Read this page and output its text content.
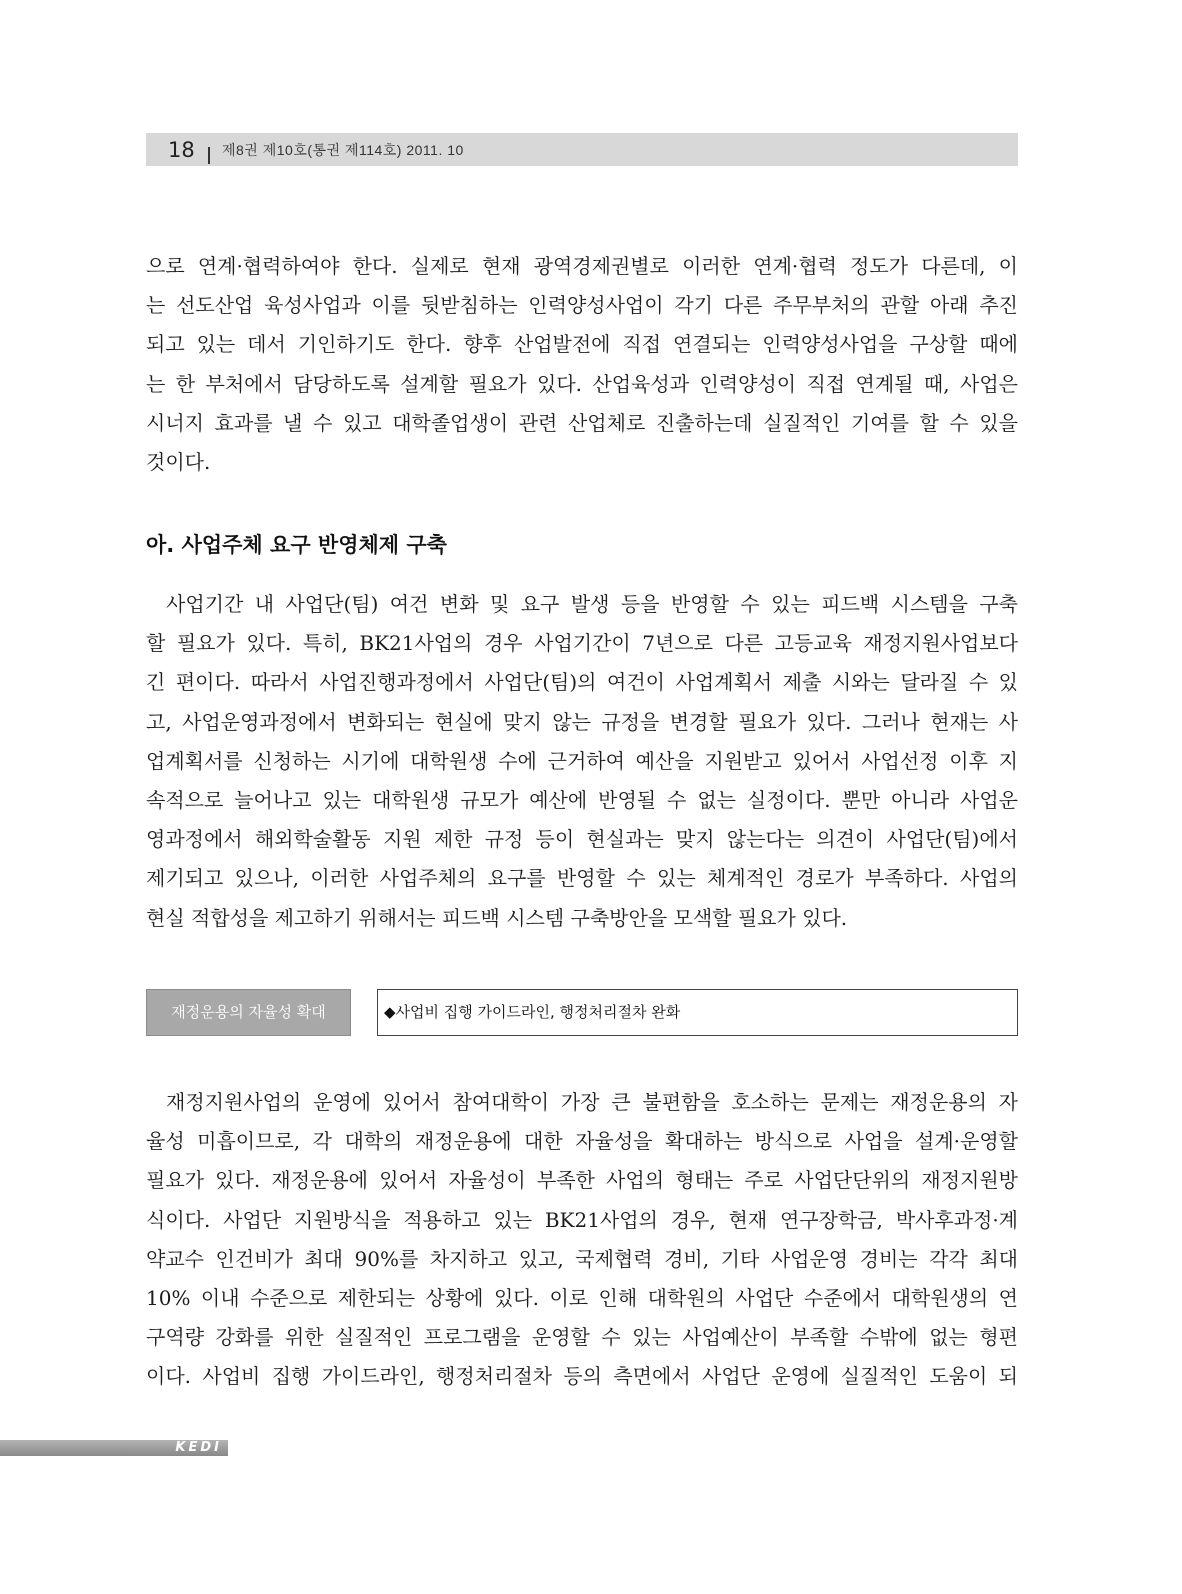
18 제8권 제10호(통권 제114호) 2011. 10
으로 연계·협력하여야 한다. 실제로 현재 광역경제권별로 이러한 연계·협력 정도가 다른데, 이
는 선도산업 육성사업과 이를 뒷받침하는 인력양성사업이 각기 다른 주무부처의 관할 아래 추진
되고 있는 데서 기인하기도 한다. 향후 산업발전에 직접 연결되는 인력양성사업을 구상할 때에
는 한 부처에서 담당하도록 설계할 필요가 있다. 산업육성과 인력양성이 직접 연계될 때, 사업은
시너지 효과를 낼 수 있고 대학졸업생이 관련 산업체로 진출하는데 실질적인 기여를 할 수 있을
것이다.
아. 사업주체 요구 반영체제 구축
사업기간 내 사업단(팀) 여건 변화 및 요구 발생 등을 반영할 수 있는 피드백 시스템을 구축
할 필요가 있다. 특히, BK21사업의 경우 사업기간이 7년으로 다른 고등교육 재정지원사업보다
긴 편이다. 따라서 사업진행과정에서 사업단(팀)의 여건이 사업계획서 제출 시와는 달라질 수 있
고, 사업운영과정에서 변화되는 현실에 맞지 않는 규정을 변경할 필요가 있다. 그러나 현재는 사
업계획서를 신청하는 시기에 대학원생 수에 근거하여 예산을 지원받고 있어서 사업선정 이후 지
속적으로 늘어나고 있는 대학원생 규모가 예산에 반영될 수 없는 실정이다. 뿐만 아니라 사업운
영과정에서 해외학술활동 지원 제한 규정 등이 현실과는 맞지 않는다는 의견이 사업단(팀)에서
제기되고 있으나, 이러한 사업주체의 요구를 반영할 수 있는 체계적인 경로가 부족하다. 사업의
현실 적합성을 제고하기 위해서는 피드백 시스템 구축방안을 모색할 필요가 있다.
재정운용의 자율성 확대	◆사업비 집행 가이드라인, 행정처리절차 완화
재정지원사업의 운영에 있어서 참여대학이 가장 큰 불편함을 호소하는 문제는 재정운용의 자
율성 미흡이므로, 각 대학의 재정운용에 대한 자율성을 확대하는 방식으로 사업을 설계·운영할
필요가 있다. 재정운용에 있어서 자율성이 부족한 사업의 형태는 주로 사업단단위의 재정지원방
식이다. 사업단 지원방식을 적용하고 있는 BK21사업의 경우, 현재 연구장학금, 박사후과정·계
약교수 인건비가 최대 90%를 차지하고 있고, 국제협력 경비, 기타 사업운영 경비는 각각 최대
10% 이내 수준으로 제한되는 상황에 있다. 이로 인해 대학원의 사업단 수준에서 대학원생의 연
구역량 강화를 위한 실질적인 프로그램을 운영할 수 있는 사업예산이 부족할 수밖에 없는 형편
이다. 사업비 집행 가이드라인, 행정처리절차 등의 측면에서 사업단 운영에 실질적인 도움이 되
KEDI
